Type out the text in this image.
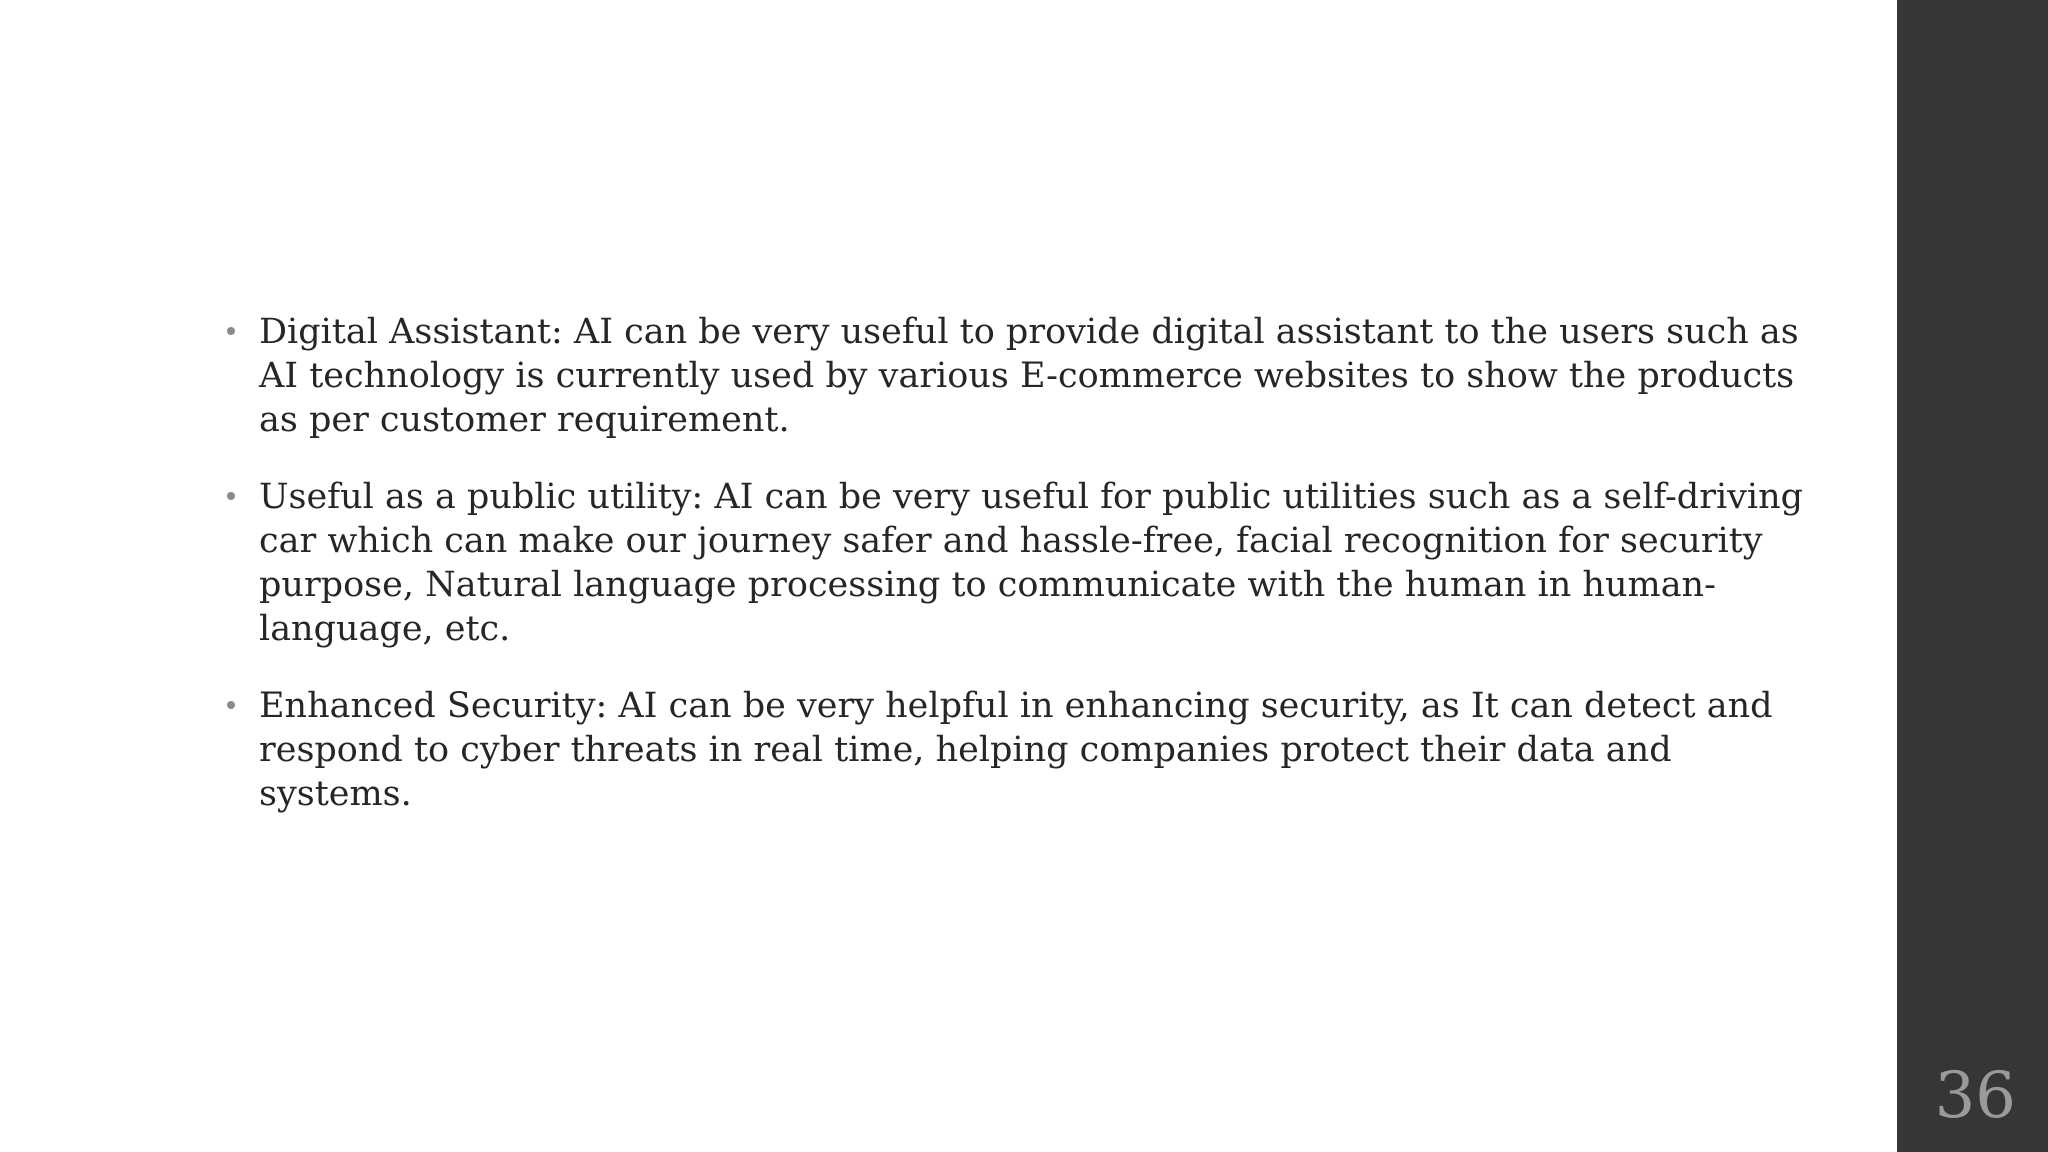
Digital Assistant: AI can be very useful to provide digital assistant to the users such as AI technology is currently used by various E-commerce websites to show the products as per customer requirement.
Useful as a public utility: AI can be very useful for public utilities such as a self-driving car which can make our journey safer and hassle-free, facial recognition for security purpose, Natural language processing to communicate with the human in human-language, etc.
Enhanced Security: AI can be very helpful in enhancing security, as It can detect and respond to cyber threats in real time, helping companies protect their data and systems.
36
